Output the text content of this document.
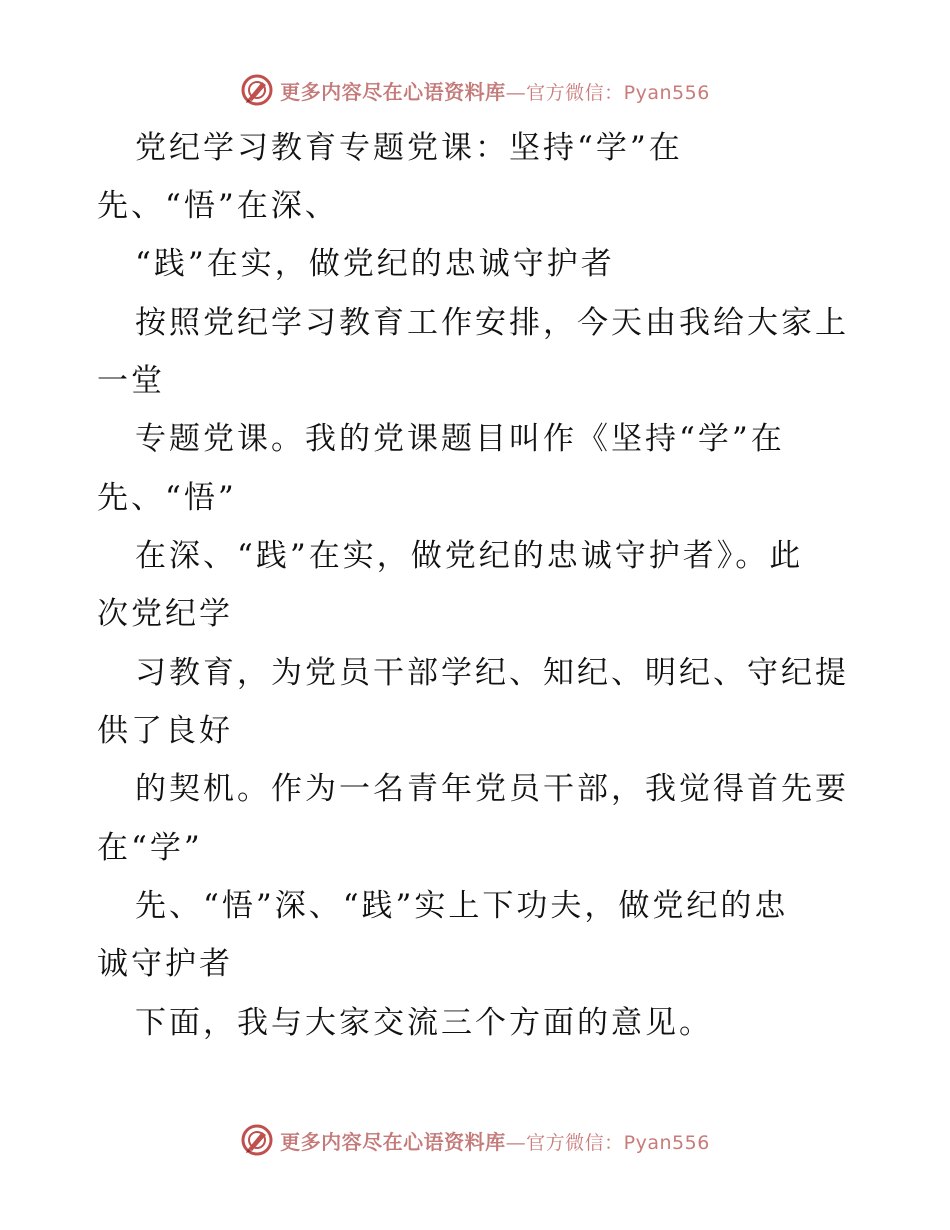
更多内容尽在心语资料库—官方微信：Pyan556
党纪学习教育专题党课：坚持“学”在
先、“悟”在深、
“践”在实，做党纪的忠诚守护者
按照党纪学习教育工作安排，今天由我给大家上
一堂
专题党课。我的党课题目叫作《坚持“学”在
先、“悟”
在深、“践”在实，做党纪的忠诚守护者》。此
次党纪学
习教育，为党员干部学纪、知纪、明纪、守纪提
供了良好
的契机。作为一名青年党员干部，我觉得首先要
在“学”
先、“悟”深、“践”实上下功夫，做党纪的忠
诚守护者
下面，我与大家交流三个方面的意见。
更多内容尽在心语资料库—官方微信：Pyan556
